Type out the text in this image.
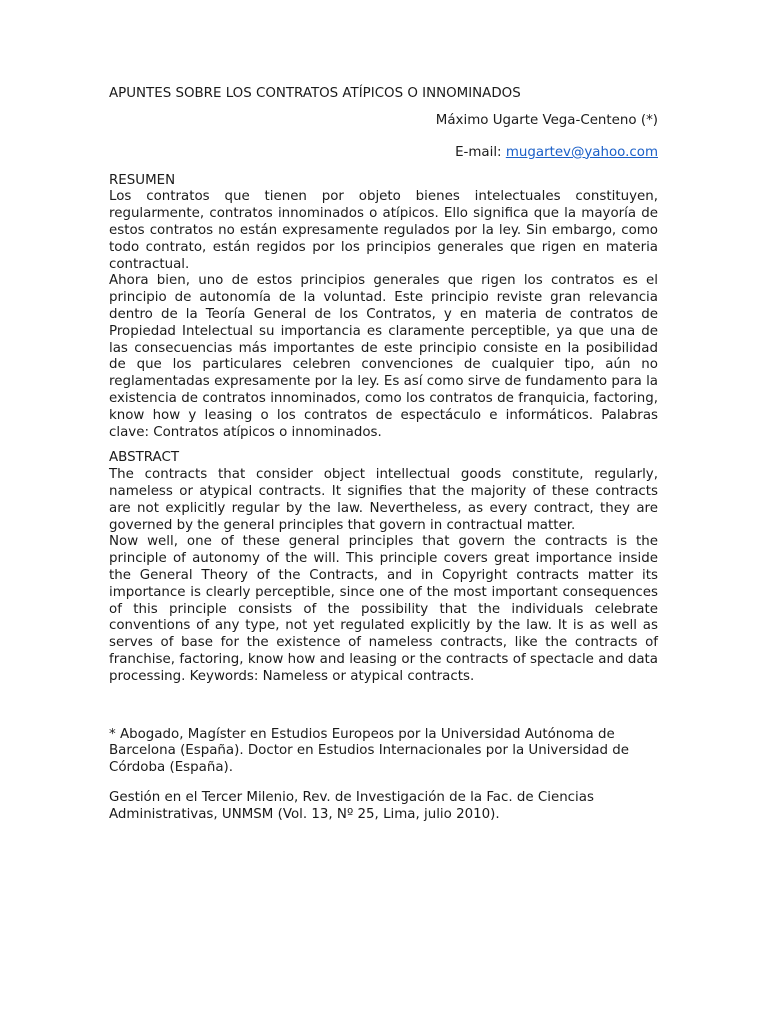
APUNTES SOBRE LOS CONTRATOS ATÍPICOS O INNOMINADOS

Máximo Ugarte Vega-Centeno (*)

E-mail: mugartev@yahoo.com

RESUMEN

Los contratos que tienen por objeto bienes intelectuales constituyen, regularmente, contratos innominados o atípicos. Ello significa que la mayoría de estos contratos no están expresamente regulados por la ley. Sin embargo, como todo contrato, están regidos por los principios generales que rigen en materia contractual.

Ahora bien, uno de estos principios generales que rigen los contratos es el principio de autonomía de la voluntad. Este principio reviste gran relevancia dentro de la Teoría General de los Contratos, y en materia de contratos de Propiedad Intelectual su importancia es claramente perceptible, ya que una de las consecuencias más importantes de este principio consiste en la posibilidad de que los particulares celebren convenciones de cualquier tipo, aún no reglamentadas expresamente por la ley. Es así como sirve de fundamento para la existencia de contratos innominados, como los contratos de franquicia, factoring, know how y leasing o los contratos de espectáculo e informáticos. Palabras clave: Contratos atípicos o innominados.

ABSTRACT

The contracts that consider object intellectual goods constitute, regularly, nameless or atypical contracts. It signifies that the majority of these contracts are not explicitly regular by the law. Nevertheless, as every contract, they are governed by the general principles that govern in contractual matter.

Now well, one of these general principles that govern the contracts is the principle of autonomy of the will. This principle covers great importance inside the General Theory of the Contracts, and in Copyright contracts matter its importance is clearly perceptible, since one of the most important consequences of this principle consists of the possibility that the individuals celebrate conventions of any type, not yet regulated explicitly by the law. It is as well as serves of base for the existence of nameless contracts, like the contracts of franchise, factoring, know how and leasing or the contracts of spectacle and data processing. Keywords: Nameless or atypical contracts.

* Abogado, Magíster en Estudios Europeos por la Universidad Autónoma de Barcelona (España). Doctor en Estudios Internacionales por la Universidad de Córdoba (España).

Gestión en el Tercer Milenio, Rev. de Investigación de la Fac. de Ciencias Administrativas, UNMSM (Vol. 13, Nº 25, Lima, julio 2010).
